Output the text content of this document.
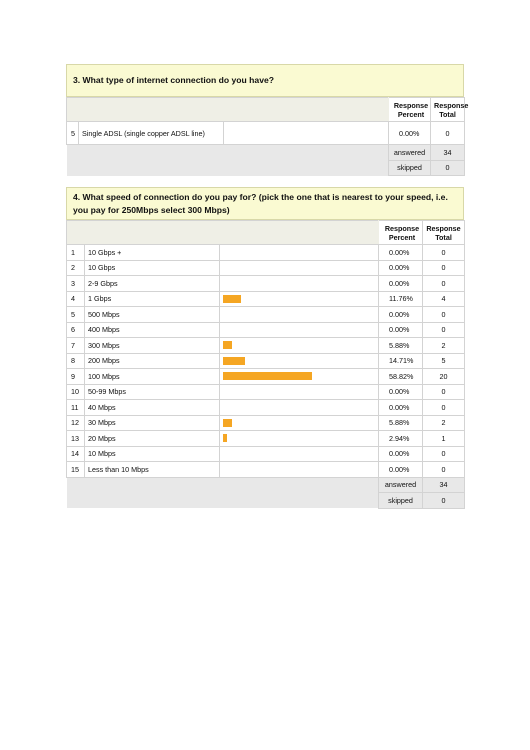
3. What type of internet connection do you have?
			Response Percent	Response Total
5	Single ADSL (single copper ADSL line)		0.00%	0
			answered	34
			skipped	0
4. What speed of connection do you pay for? (pick the one that is nearest to your speed, i.e. you pay for 250Mbps select 300 Mbps)
			Response Percent	Response Total
1	10 Gbps +		0.00%	0
2	10 Gbps		0.00%	0
3	2-9 Gbps		0.00%	0
4	1 Gbps		11.76%	4
5	500 Mbps		0.00%	0
6	400 Mbps		0.00%	0
7	300 Mbps		5.88%	2
8	200 Mbps		14.71%	5
9	100 Mbps		58.82%	20
10	50-99 Mbps		0.00%	0
11	40 Mbps		0.00%	0
12	30 Mbps		5.88%	2
13	20 Mbps		2.94%	1
14	10 Mbps		0.00%	0
15	Less than 10 Mbps		0.00%	0
			answered	34
			skipped	0
